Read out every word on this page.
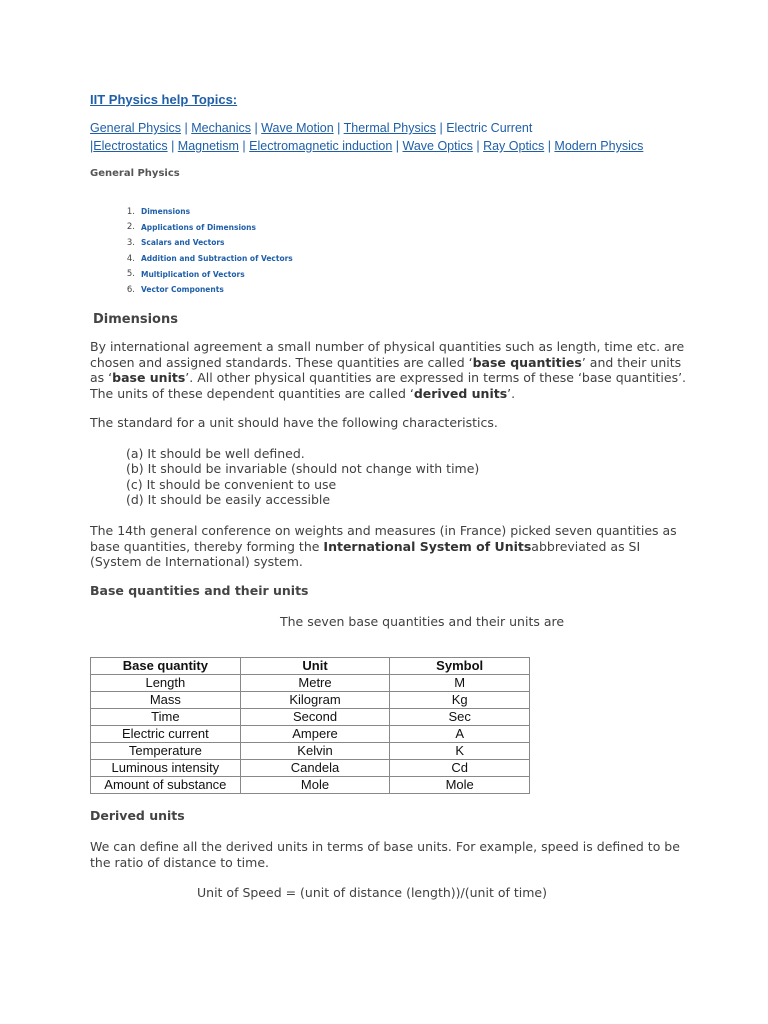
IIT Physics help Topics:
General Physics | Mechanics | Wave Motion | Thermal Physics | Electric Current
|Electrostatics | Magnetism | Electromagnetic induction | Wave Optics | Ray Optics | Modern Physics
General Physics
1. Dimensions
2. Applications of Dimensions
3. Scalars and Vectors
4. Addition and Subtraction of Vectors
5. Multiplication of Vectors
6. Vector Components
Dimensions
By international agreement a small number of physical quantities such as length, time etc. are chosen and assigned standards. These quantities are called ‘base quantities’ and their units as ‘base units’. All other physical quantities are expressed in terms of these ‘base quantities’. The units of these dependent quantities are called ‘derived units’.
The standard for a unit should have the following characteristics.
(a) It should be well defined.
(b) It should be invariable (should not change with time)
(c) It should be convenient to use
(d) It should be easily accessible
The 14th general conference on weights and measures (in France) picked seven quantities as base quantities, thereby forming the International System of Unitsabbreviated as SI (System de International) system.
Base quantities and their units
The seven base quantities and their units are
Base quantity	Unit	Symbol
Length	Metre	M
Mass	Kilogram	Kg
Time	Second	Sec
Electric current	Ampere	A
Temperature	Kelvin	K
Luminous intensity	Candela	Cd
Amount of substance	Mole	Mole
Derived units
We can define all the derived units in terms of base units. For example, speed is defined to be the ratio of distance to time.
Unit of Speed = (unit of distance (length))/(unit of time)
